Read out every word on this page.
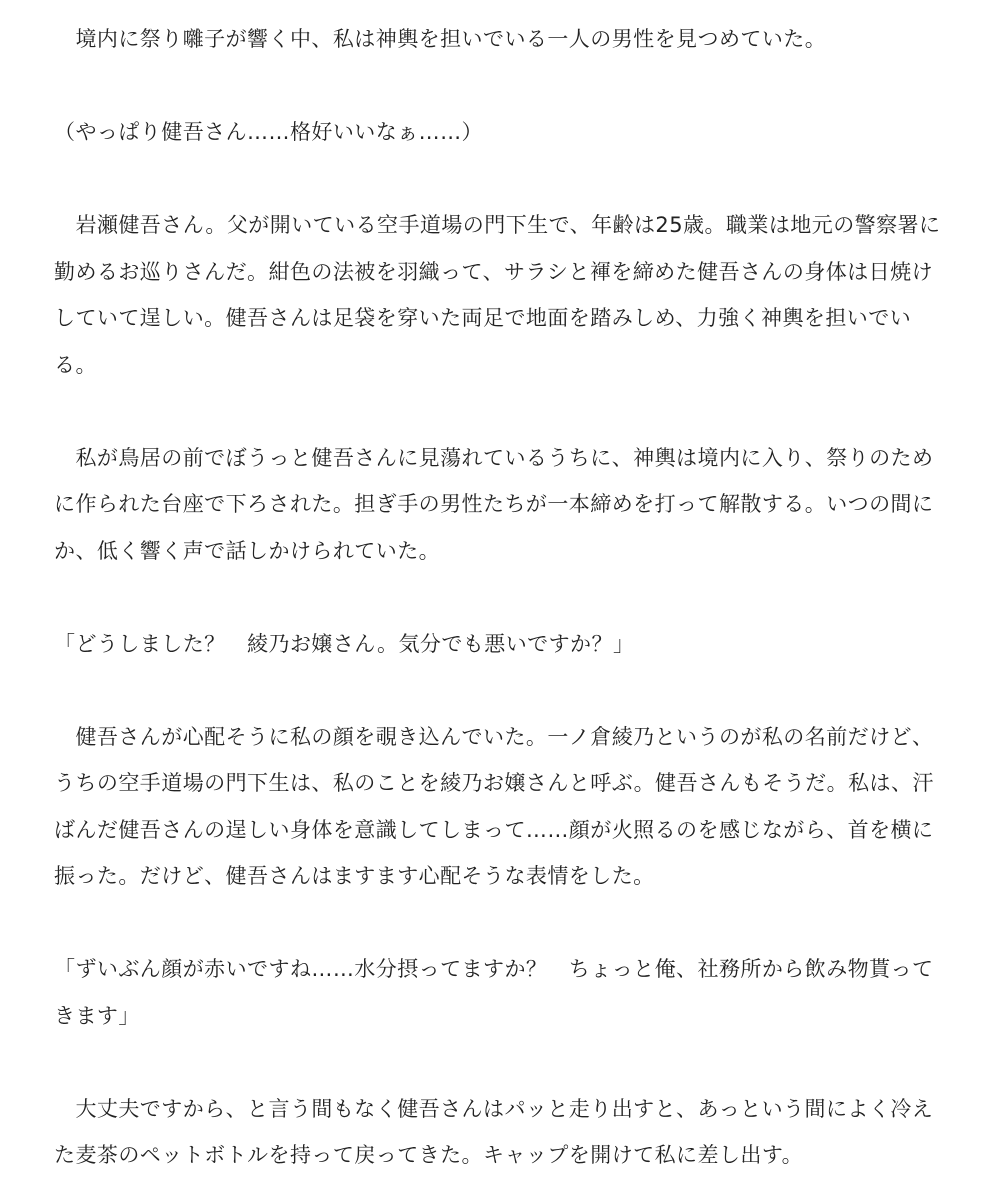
　境内に祭り囃子が響く中、私は神輿を担いでいる一人の男性を見つめていた。

（やっぱり健吾さん……格好いいなぁ……）

　岩瀬健吾さん。父が開いている空手道場の門下生で、年齢は25歳。職業は地元の警察署に勤めるお巡りさんだ。紺色の法被を羽織って、サラシと褌を締めた健吾さんの身体は日焼けしていて逞しい。健吾さんは足袋を穿いた両足で地面を踏みしめ、力強く神輿を担いでいる。

　私が鳥居の前でぼうっと健吾さんに見蕩れているうちに、神輿は境内に入り、祭りのために作られた台座で下ろされた。担ぎ手の男性たちが一本締めを打って解散する。いつの間にか、低く響く声で話しかけられていた。

「どうしました？　綾乃お嬢さん。気分でも悪いですか？」

　健吾さんが心配そうに私の顔を覗き込んでいた。一ノ倉綾乃というのが私の名前だけど、うちの空手道場の門下生は、私のことを綾乃お嬢さんと呼ぶ。健吾さんもそうだ。私は、汗ばんだ健吾さんの逞しい身体を意識してしまって……顔が火照るのを感じながら、首を横に振った。だけど、健吾さんはますます心配そうな表情をした。

「ずいぶん顔が赤いですね……水分摂ってますか？　ちょっと俺、社務所から飲み物貰ってきます」

　大丈夫ですから、と言う間もなく健吾さんはパッと走り出すと、あっという間によく冷えた麦茶のペットボトルを持って戻ってきた。キャップを開けて私に差し出す。
